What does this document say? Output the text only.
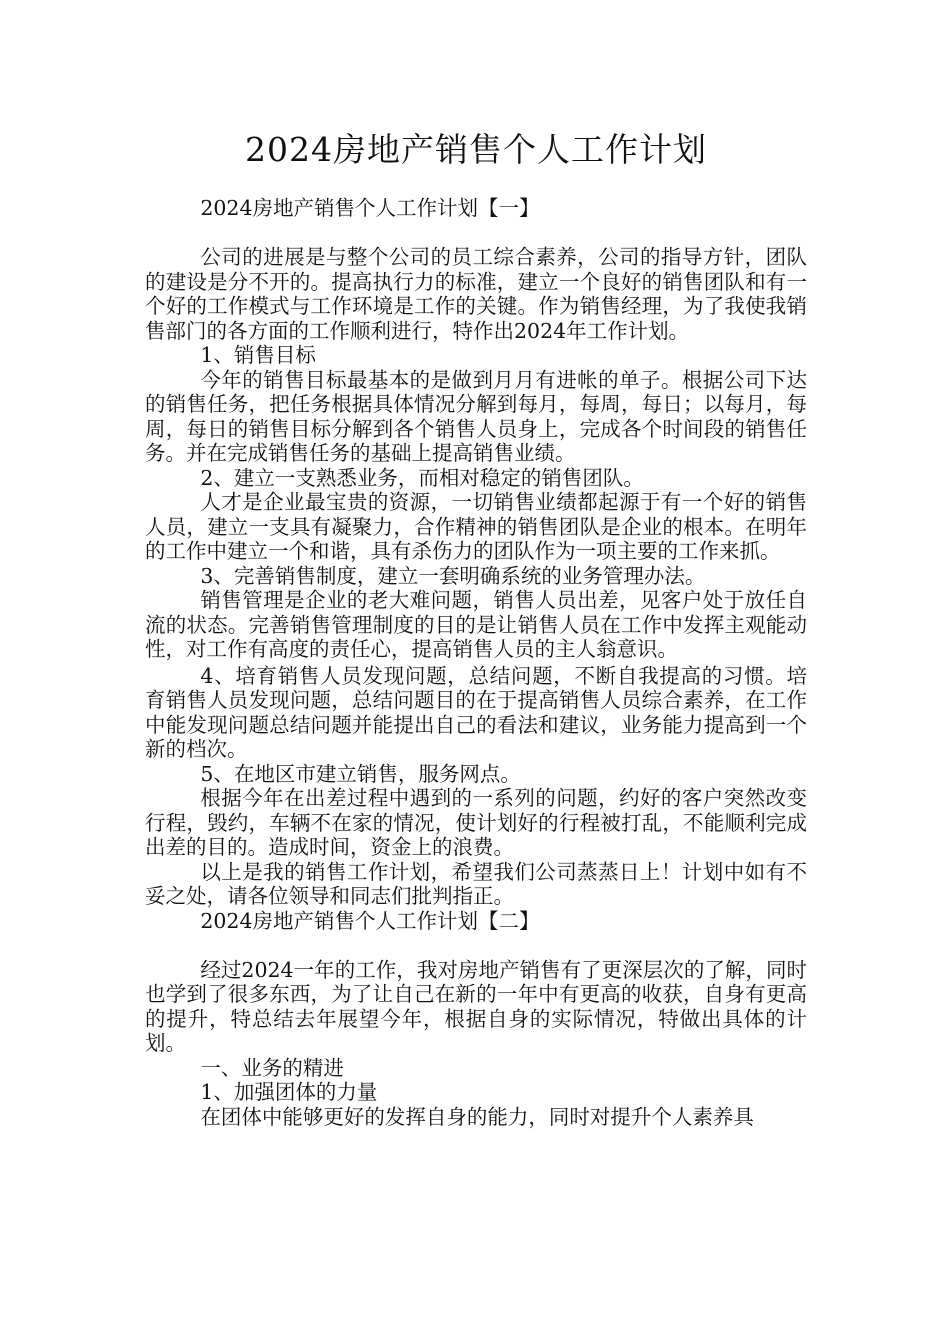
2024房地产销售个人工作计划

2024房地产销售个人工作计划【一】

公司的进展是与整个公司的员工综合素养，公司的指导方针，团队的建设是分不开的。提高执行力的标准，建立一个良好的销售团队和有一个好的工作模式与工作环境是工作的关键。作为销售经理，为了我使我销售部门的各方面的工作顺利进行，特作出2024年工作计划。

1、销售目标

今年的销售目标最基本的是做到月月有进帐的单子。根据公司下达的销售任务，把任务根据具体情况分解到每月，每周，每日；以每月，每周，每日的销售目标分解到各个销售人员身上，完成各个时间段的销售任务。并在完成销售任务的基础上提高销售业绩。

2、建立一支熟悉业务，而相对稳定的销售团队。

人才是企业最宝贵的资源，一切销售业绩都起源于有一个好的销售人员，建立一支具有凝聚力，合作精神的销售团队是企业的根本。在明年的工作中建立一个和谐，具有杀伤力的团队作为一项主要的工作来抓。

3、完善销售制度，建立一套明确系统的业务管理办法。

销售管理是企业的老大难问题，销售人员出差，见客户处于放任自流的状态。完善销售管理制度的目的是让销售人员在工作中发挥主观能动性，对工作有高度的责任心，提高销售人员的主人翁意识。

4、培育销售人员发现问题，总结问题，不断自我提高的习惯。培育销售人员发现问题，总结问题目的在于提高销售人员综合素养，在工作中能发现问题总结问题并能提出自己的看法和建议，业务能力提高到一个新的档次。

5、在地区市建立销售，服务网点。

根据今年在出差过程中遇到的一系列的问题，约好的客户突然改变行程，毁约，车辆不在家的情况，使计划好的行程被打乱，不能顺利完成出差的目的。造成时间，资金上的浪费。

以上是我的销售工作计划，希望我们公司蒸蒸日上！计划中如有不妥之处，请各位领导和同志们批判指正。

2024房地产销售个人工作计划【二】

经过2024一年的工作，我对房地产销售有了更深层次的了解，同时也学到了很多东西，为了让自己在新的一年中有更高的收获，自身有更高的提升，特总结去年展望今年，根据自身的实际情况，特做出具体的计划。

一、业务的精进

1、加强团体的力量

在团体中能够更好的发挥自身的能力，同时对提升个人素养具
